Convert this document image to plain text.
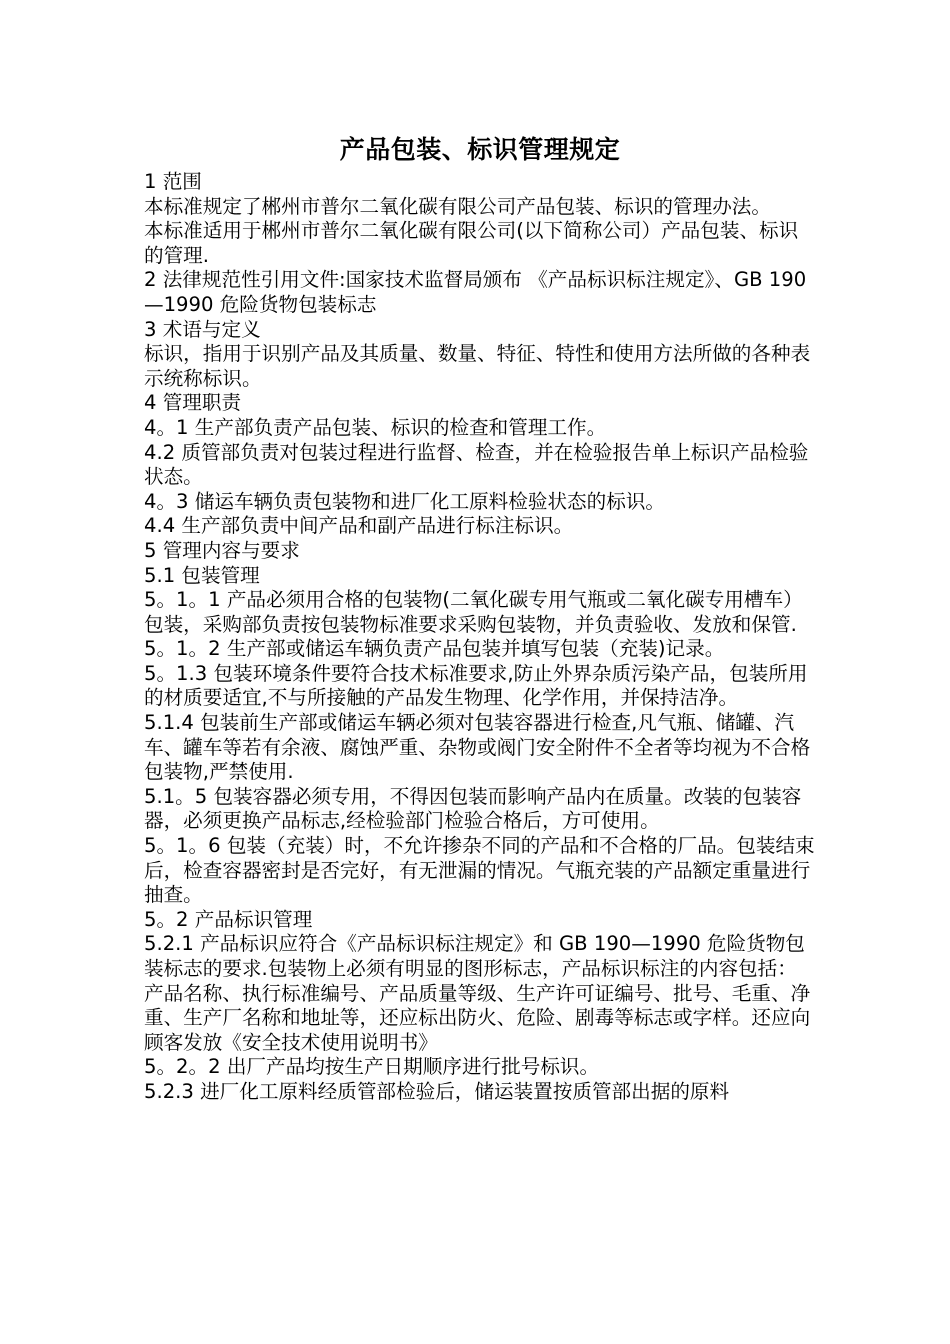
产品包装、标识管理规定

1 范围

本标准规定了郴州市普尔二氧化碳有限公司产品包装、标识的管理办法。

本标准适用于郴州市普尔二氧化碳有限公司(以下简称公司）产品包装、标识的管理.

2 法律规范性引用文件:国家技术监督局颁布 《产品标识标注规定》、GB 190—1990 危险货物包装标志

3 术语与定义

标识，指用于识别产品及其质量、数量、特征、特性和使用方法所做的各种表示统称标识。

4 管理职责

4。1 生产部负责产品包装、标识的检查和管理工作。

4.2 质管部负责对包装过程进行监督、检查，并在检验报告单上标识产品检验状态。

4。3 储运车辆负责包装物和进厂化工原料检验状态的标识。

4.4 生产部负责中间产品和副产品进行标注标识。

5 管理内容与要求

5.1 包装管理

5。1。1 产品必须用合格的包装物(二氧化碳专用气瓶或二氧化碳专用槽车）包装，采购部负责按包装物标准要求采购包装物，并负责验收、发放和保管.

5。1。2 生产部或储运车辆负责产品包装并填写包装（充装)记录。

5。1.3 包装环境条件要符合技术标准要求,防止外界杂质污染产品，包装所用的材质要适宜,不与所接触的产品发生物理、化学作用，并保持洁净。

5.1.4 包装前生产部或储运车辆必须对包装容器进行检查,凡气瓶、储罐、汽车、罐车等若有余液、腐蚀严重、杂物或阀门安全附件不全者等均视为不合格包装物,严禁使用.

5.1。5 包装容器必须专用，不得因包装而影响产品内在质量。改装的包装容器，必须更换产品标志,经检验部门检验合格后，方可使用。

5。1。6 包装（充装）时，不允许掺杂不同的产品和不合格的厂品。包装结束后，检查容器密封是否完好，有无泄漏的情况。气瓶充装的产品额定重量进行抽查。

5。2 产品标识管理

5.2.1 产品标识应符合《产品标识标注规定》和 GB 190—1990 危险货物包装标志的要求.包装物上必须有明显的图形标志，产品标识标注的内容包括：产品名称、执行标准编号、产品质量等级、生产许可证编号、批号、毛重、净重、生产厂名称和地址等，还应标出防火、危险、剧毒等标志或字样。还应向顾客发放《安全技术使用说明书》

5。2。2 出厂产品均按生产日期顺序进行批号标识。

5.2.3 进厂化工原料经质管部检验后，储运装置按质管部出据的原料
